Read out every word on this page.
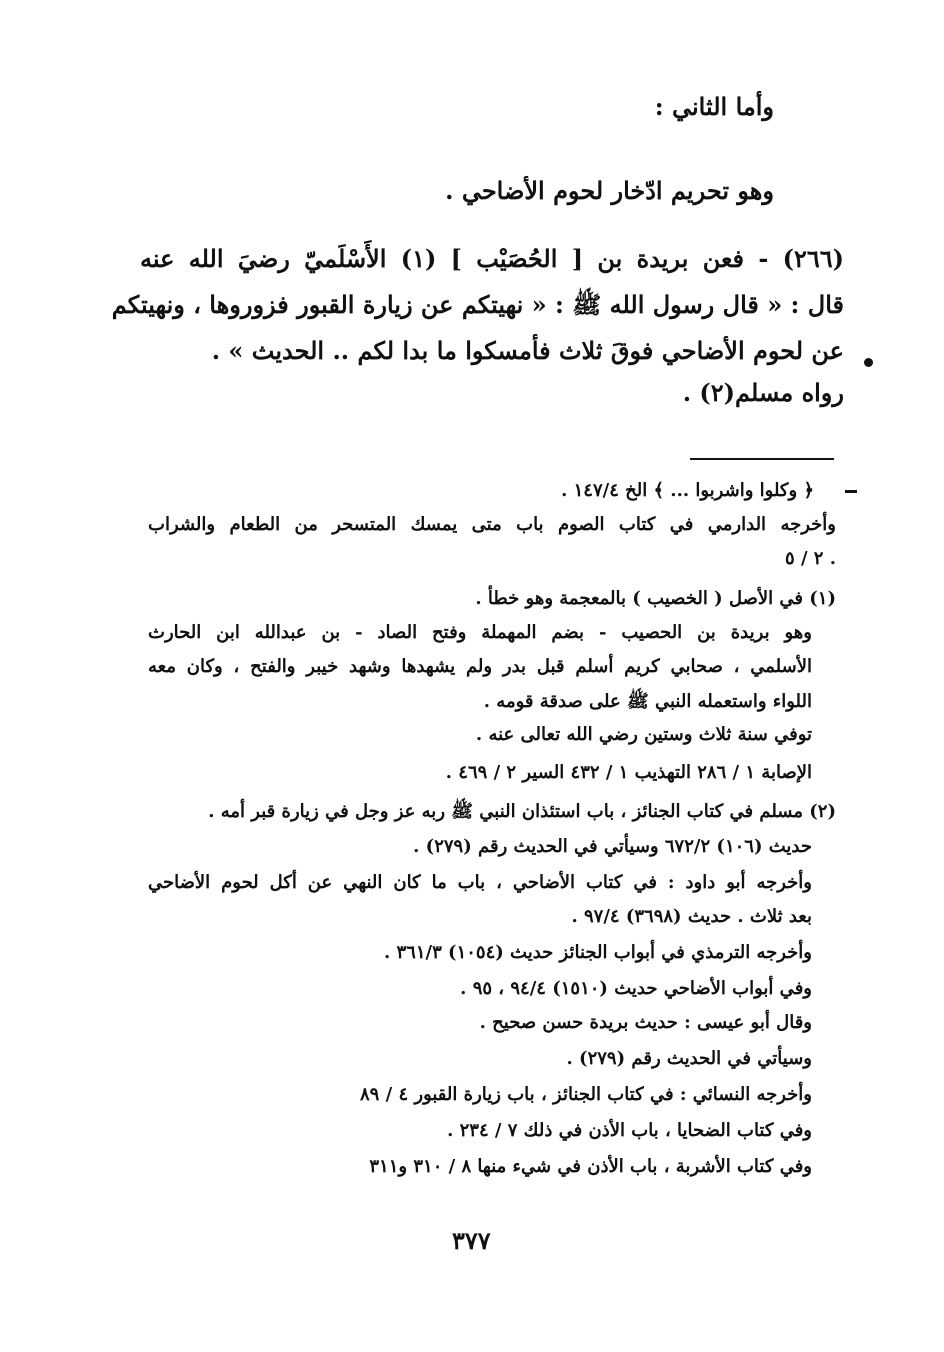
وأما الثاني :
وهو تحريم ادّخار لحوم الأضاحي .
(٢٦٦) - فعن بريدة بن [ الحُصَيْب ] (١) الأَسْلَميّ رضيَ الله عنه
قال : « قال رسول الله ﷺ : « نهيتكم عن زيارة القبور فزوروها ، ونهيتكم
عن لحوم الأضاحي فوقَ ثلاث فأمسكوا ما بدا لكم .. الحديث » .
رواه مسلم(٢) .
﴿ وكلوا واشربوا ... ﴾ الخ ١٤٧/٤ .
وأخرجه الدارمي في كتاب الصوم باب متى يمسك المتسحر من الطعام والشراب
٢ / ٥ .
(١) في الأصل ( الخصيب ) بالمعجمة وهو خطأ .
وهو بريدة بن الحصيب - بضم المهملة وفتح الصاد - بن عبدالله ابن الحارث
الأسلمي ، صحابي كريم أسلم قبل بدر ولم يشهدها وشهد خيبر والفتح ، وكان معه
اللواء واستعمله النبي ﷺ على صدقة قومه .
توفي سنة ثلاث وستين رضي الله تعالى عنه .
الإصابة ١ / ٢٨٦ التهذيب ١ / ٤٣٢ السير ٢ / ٤٦٩ .
(٢) مسلم في كتاب الجنائز ، باب استئذان النبي ﷺ ربه عز وجل في زيارة قبر أمه .
حديث (١٠٦) ٦٧٢/٢ وسيأتي في الحديث رقم (٢٧٩) .
وأخرجه أبو داود : في كتاب الأضاحي ، باب ما كان النهي عن أكل لحوم الأضاحي
بعد ثلاث . حديث (٣٦٩٨) ٩٧/٤ .
وأخرجه الترمذي في أبواب الجنائز حديث (١٠٥٤) ٣٦١/٣ .
وفي أبواب الأضاحي حديث (١٥١٠) ٩٤/٤ ، ٩٥ .
وقال أبو عيسى : حديث بريدة حسن صحيح .
وسيأتي في الحديث رقم (٢٧٩) .
وأخرجه النسائي : في كتاب الجنائز ، باب زيارة القبور ٤ / ٨٩
وفي كتاب الضحايا ، باب الأذن في ذلك ٧ / ٢٣٤ .
وفي كتاب الأشربة ، باب الأذن في شيء منها ٨ / ٣١٠ و٣١١
٣٧٧
